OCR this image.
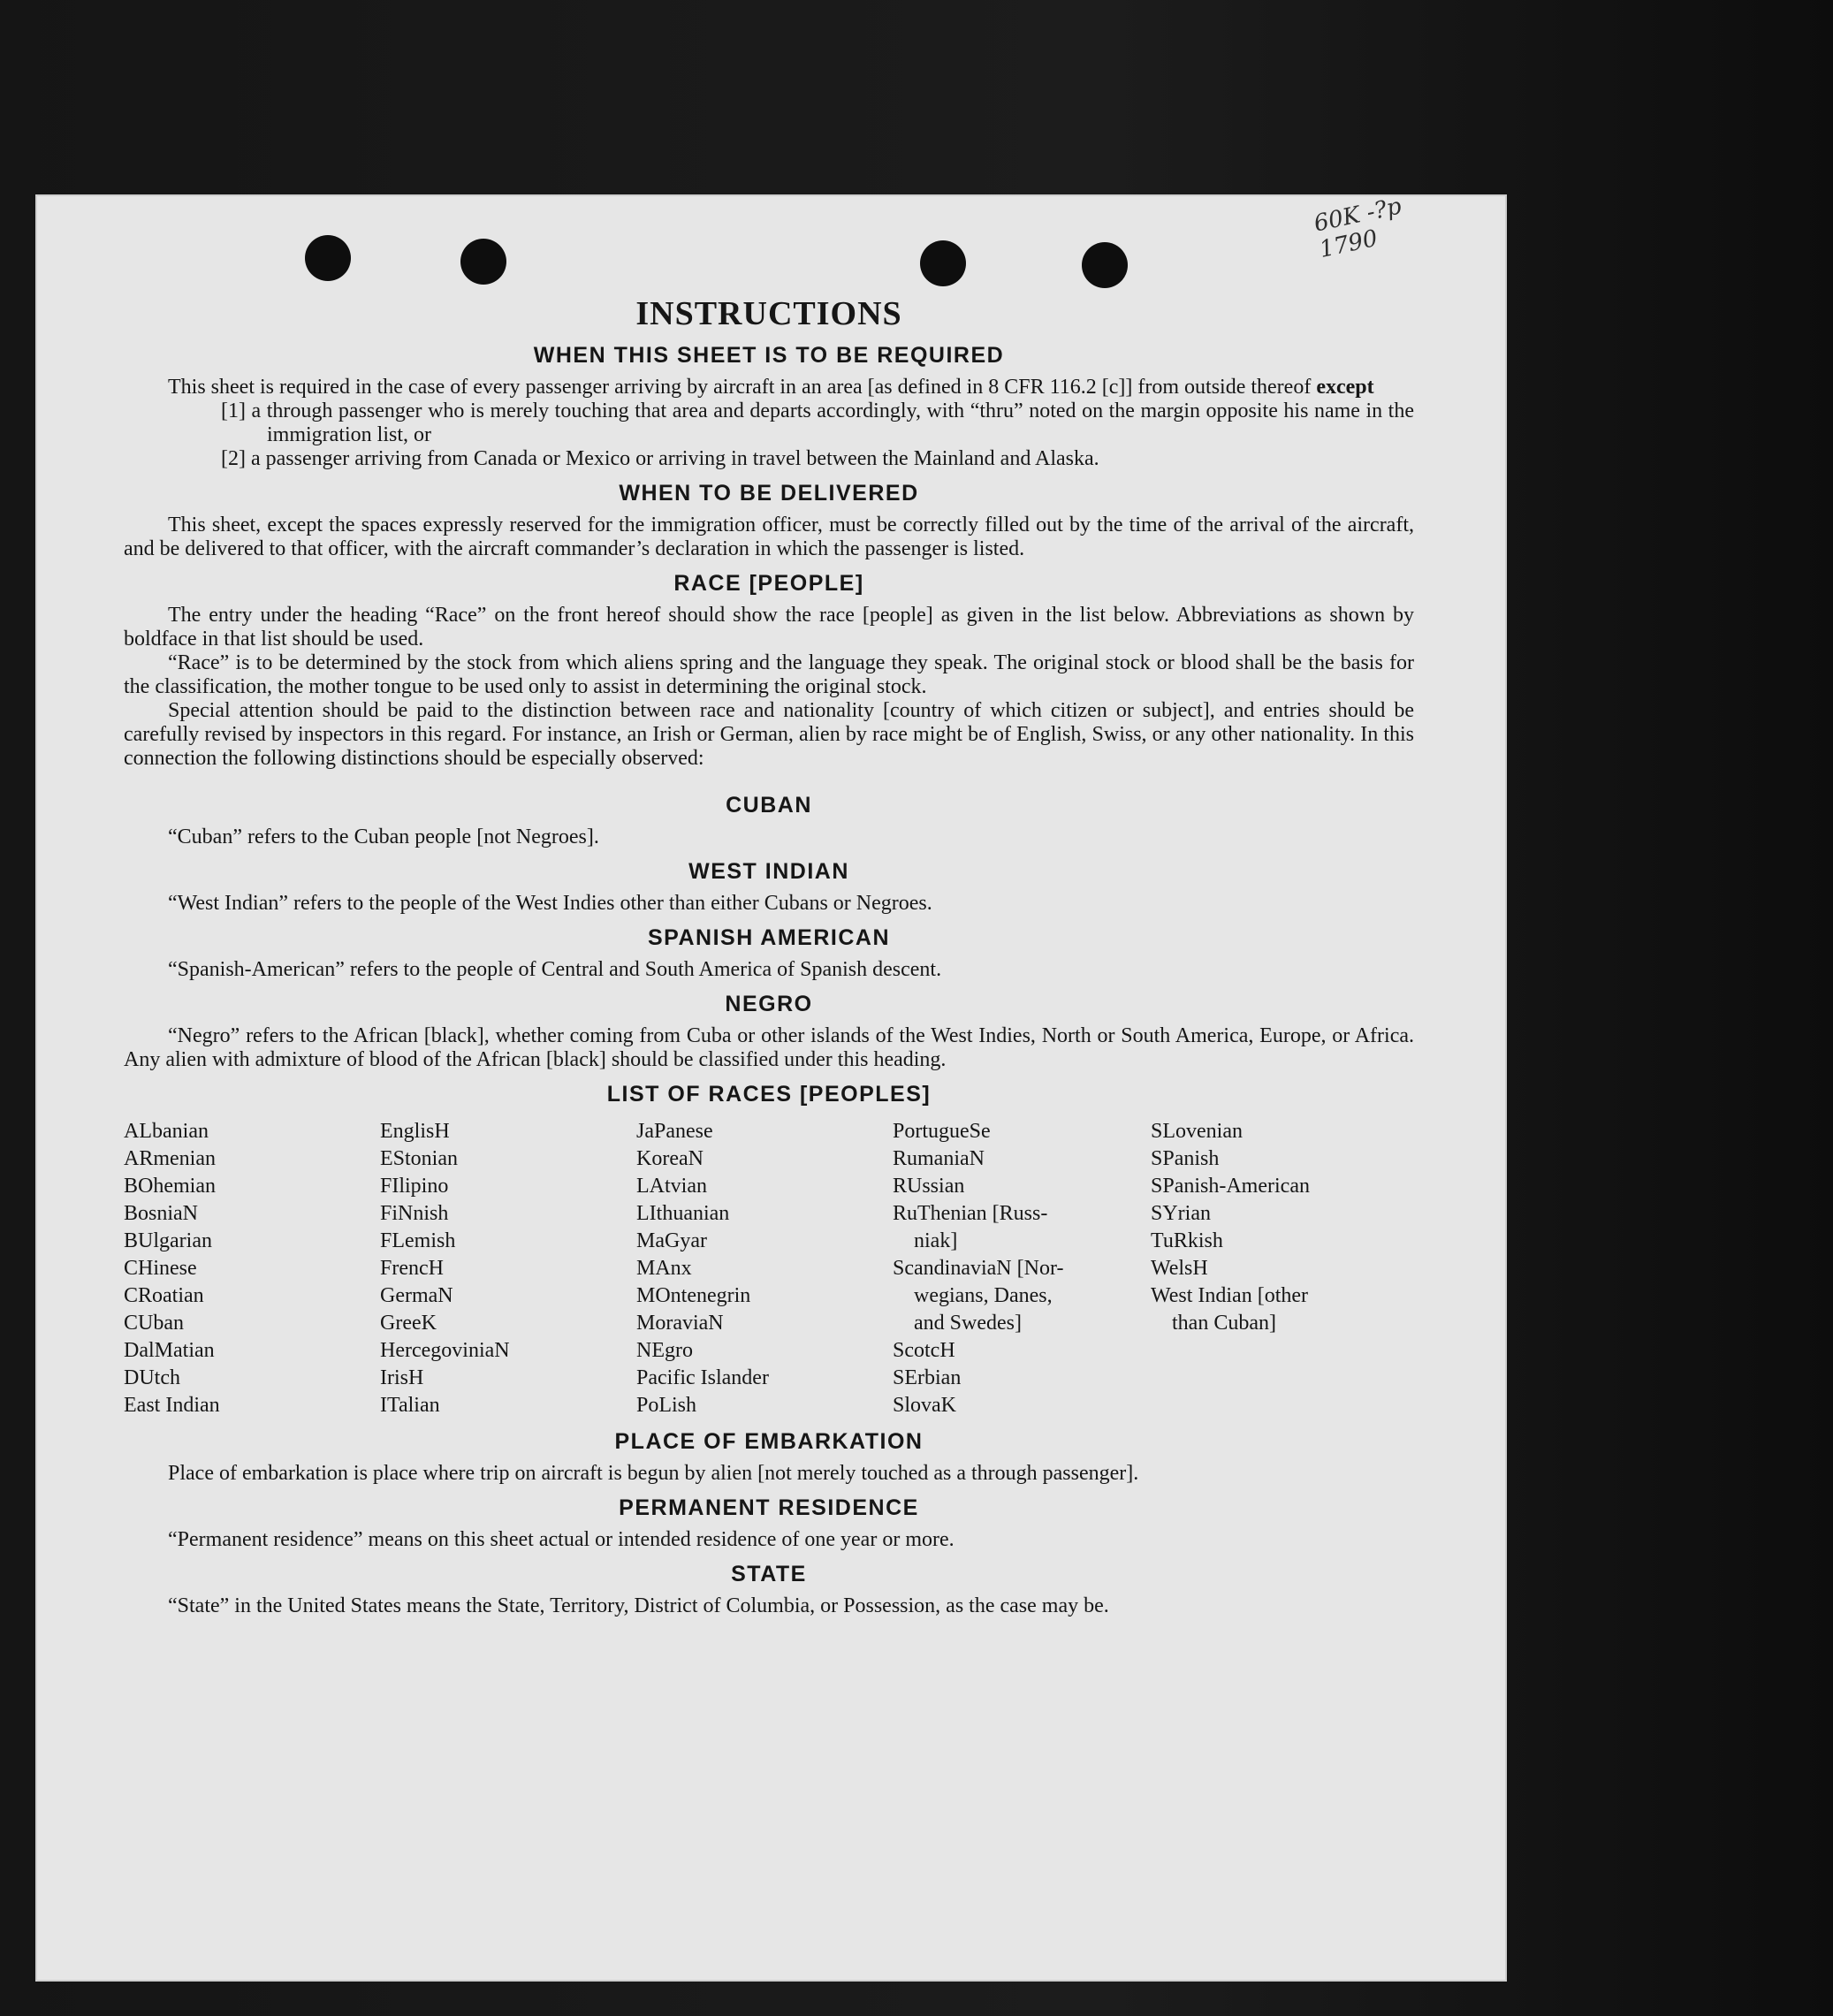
60K -?p 1790
INSTRUCTIONS
WHEN THIS SHEET IS TO BE REQUIRED

This sheet is required in the case of every passenger arriving by aircraft in an area [as defined in 8 CFR 116.2 [c]] from outside thereof except

[1] a through passenger who is merely touching that area and departs accordingly, with “thru” noted on the margin opposite his name in the immigration list, or

[2] a passenger arriving from Canada or Mexico or arriving in travel between the Mainland and Alaska.

WHEN TO BE DELIVERED

This sheet, except the spaces expressly reserved for the immigration officer, must be correctly filled out by the time of the arrival of the aircraft, and be delivered to that officer, with the aircraft commander’s declaration in which the passenger is listed.

RACE [PEOPLE]

The entry under the heading “Race” on the front hereof should show the race [people] as given in the list below. Abbreviations as shown by boldface in that list should be used.

“Race” is to be determined by the stock from which aliens spring and the language they speak. The original stock or blood shall be the basis for the classification, the mother tongue to be used only to assist in determining the original stock.

Special attention should be paid to the distinction between race and nationality [country of which citizen or subject], and entries should be carefully revised by inspectors in this regard. For instance, an Irish or German, alien by race might be of English, Swiss, or any other nationality. In this connection the following distinctions should be especially observed:

CUBAN

“Cuban” refers to the Cuban people [not Negroes].

WEST INDIAN

“West Indian” refers to the people of the West Indies other than either Cubans or Negroes.

SPANISH AMERICAN

“Spanish-American” refers to the people of Central and South America of Spanish descent.

NEGRO

“Negro” refers to the African [black], whether coming from Cuba or other islands of the West Indies, North or South America, Europe, or Africa. Any alien with admixture of blood of the African [black] should be classified under this heading.

LIST OF RACES [PEOPLES]
ALbanian
ARmenian
BOhemian
BosniaN
BUlgarian
CHinese
CRoatian
CUban
DalMatian
DUtch
East Indian
EnglisH
EStonian
FIlipino
FiNnish
FLemish
FrencH
GermaN
GreeK
HercegoviniaN
IrisH
ITalian
JaPanese
KoreaN
LAtvian
LIthuanian
MaGyar
MAnx
MOntenegrin
MoraviaN
NEgro
Pacific Islander
PoLish
PortugueSe
RumaniaN
RUssian
RuThenian [Russ-
niak]
ScandinaviaN [Nor-
wegians, Danes,
and Swedes]
ScotcH
SErbian
SlovaK
SLovenian
SPanish
SPanish-American
SYrian
TuRkish
WelsH
West Indian [other
than Cuban]
PLACE OF EMBARKATION

Place of embarkation is place where trip on aircraft is begun by alien [not merely touched as a through passenger].

PERMANENT RESIDENCE

“Permanent residence” means on this sheet actual or intended residence of one year or more.

STATE

“State” in the United States means the State, Territory, District of Columbia, or Possession, as the case may be.
